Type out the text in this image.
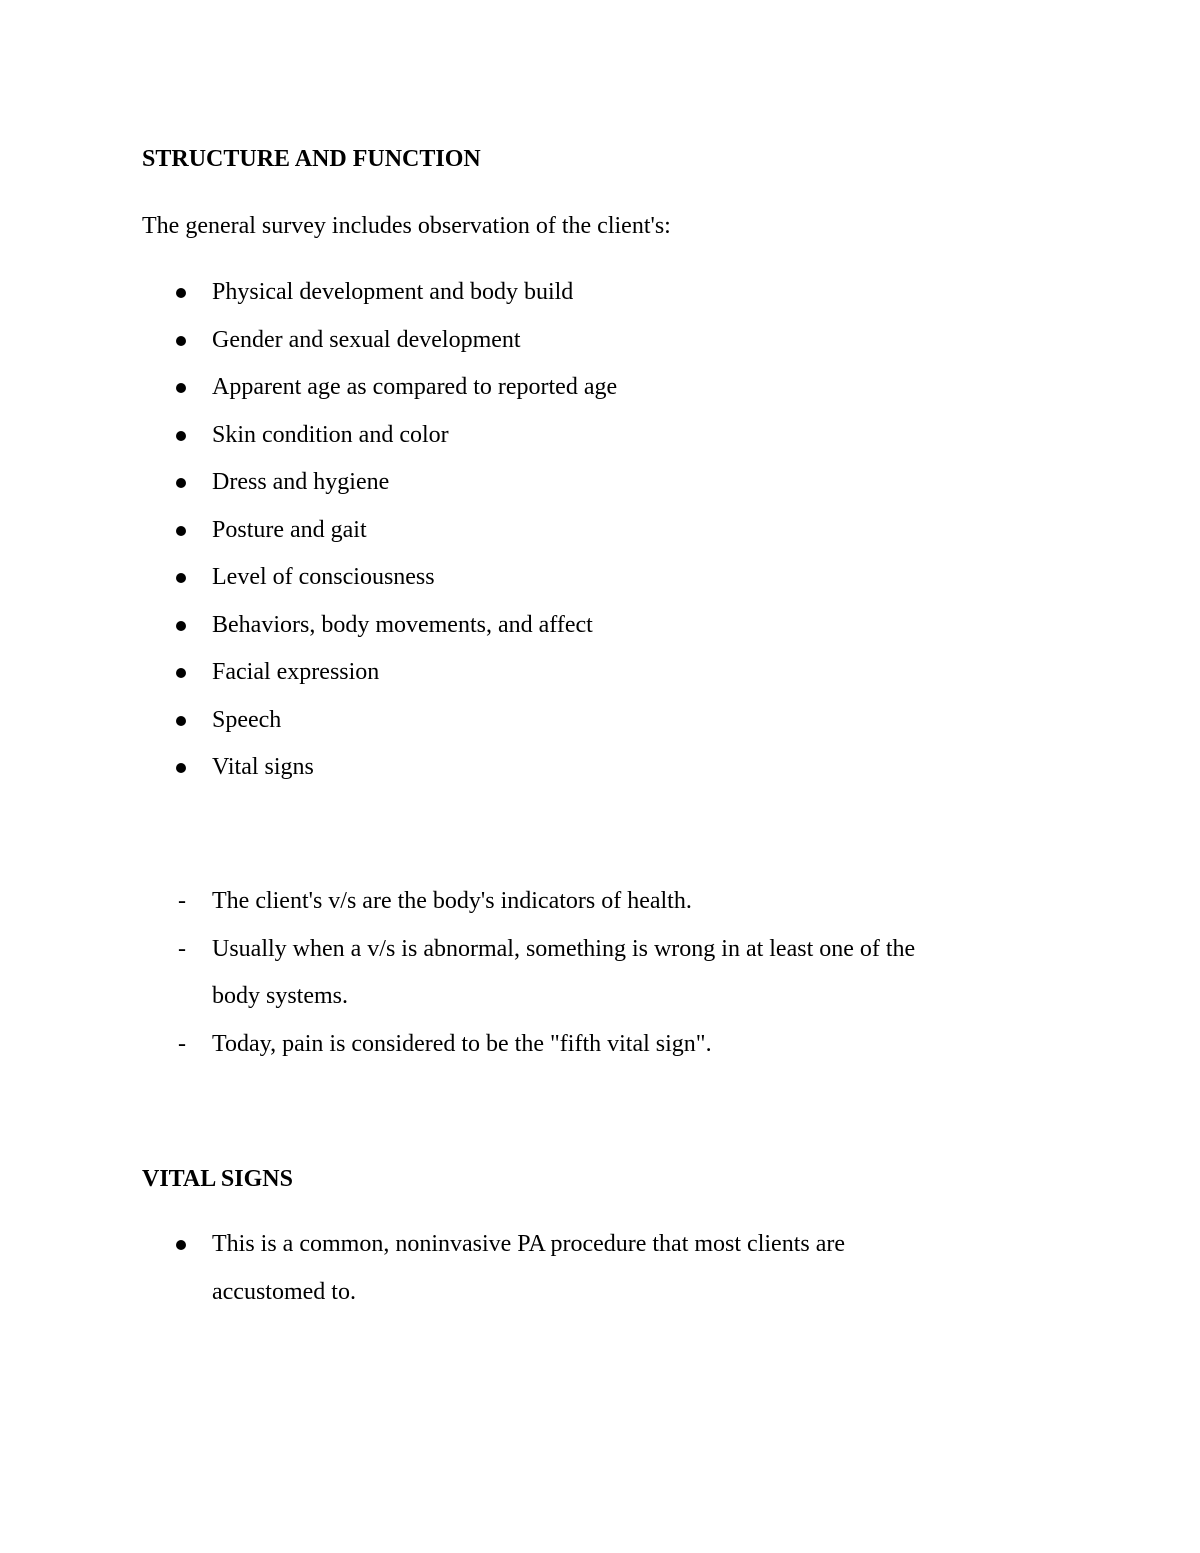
STRUCTURE AND FUNCTION
The general survey includes observation of the client's:
Physical development and body build
Gender and sexual development
Apparent age as compared to reported age
Skin condition and color
Dress and hygiene
Posture and gait
Level of consciousness
Behaviors, body movements, and affect
Facial expression
Speech
Vital signs
- The client's v/s are the body's indicators of health.
- Usually when a v/s is abnormal, something is wrong in at least one of the
body systems.
- Today, pain is considered to be the "fifth vital sign".
VITAL SIGNS
This is a common, noninvasive PA procedure that most clients are
accustomed to.
